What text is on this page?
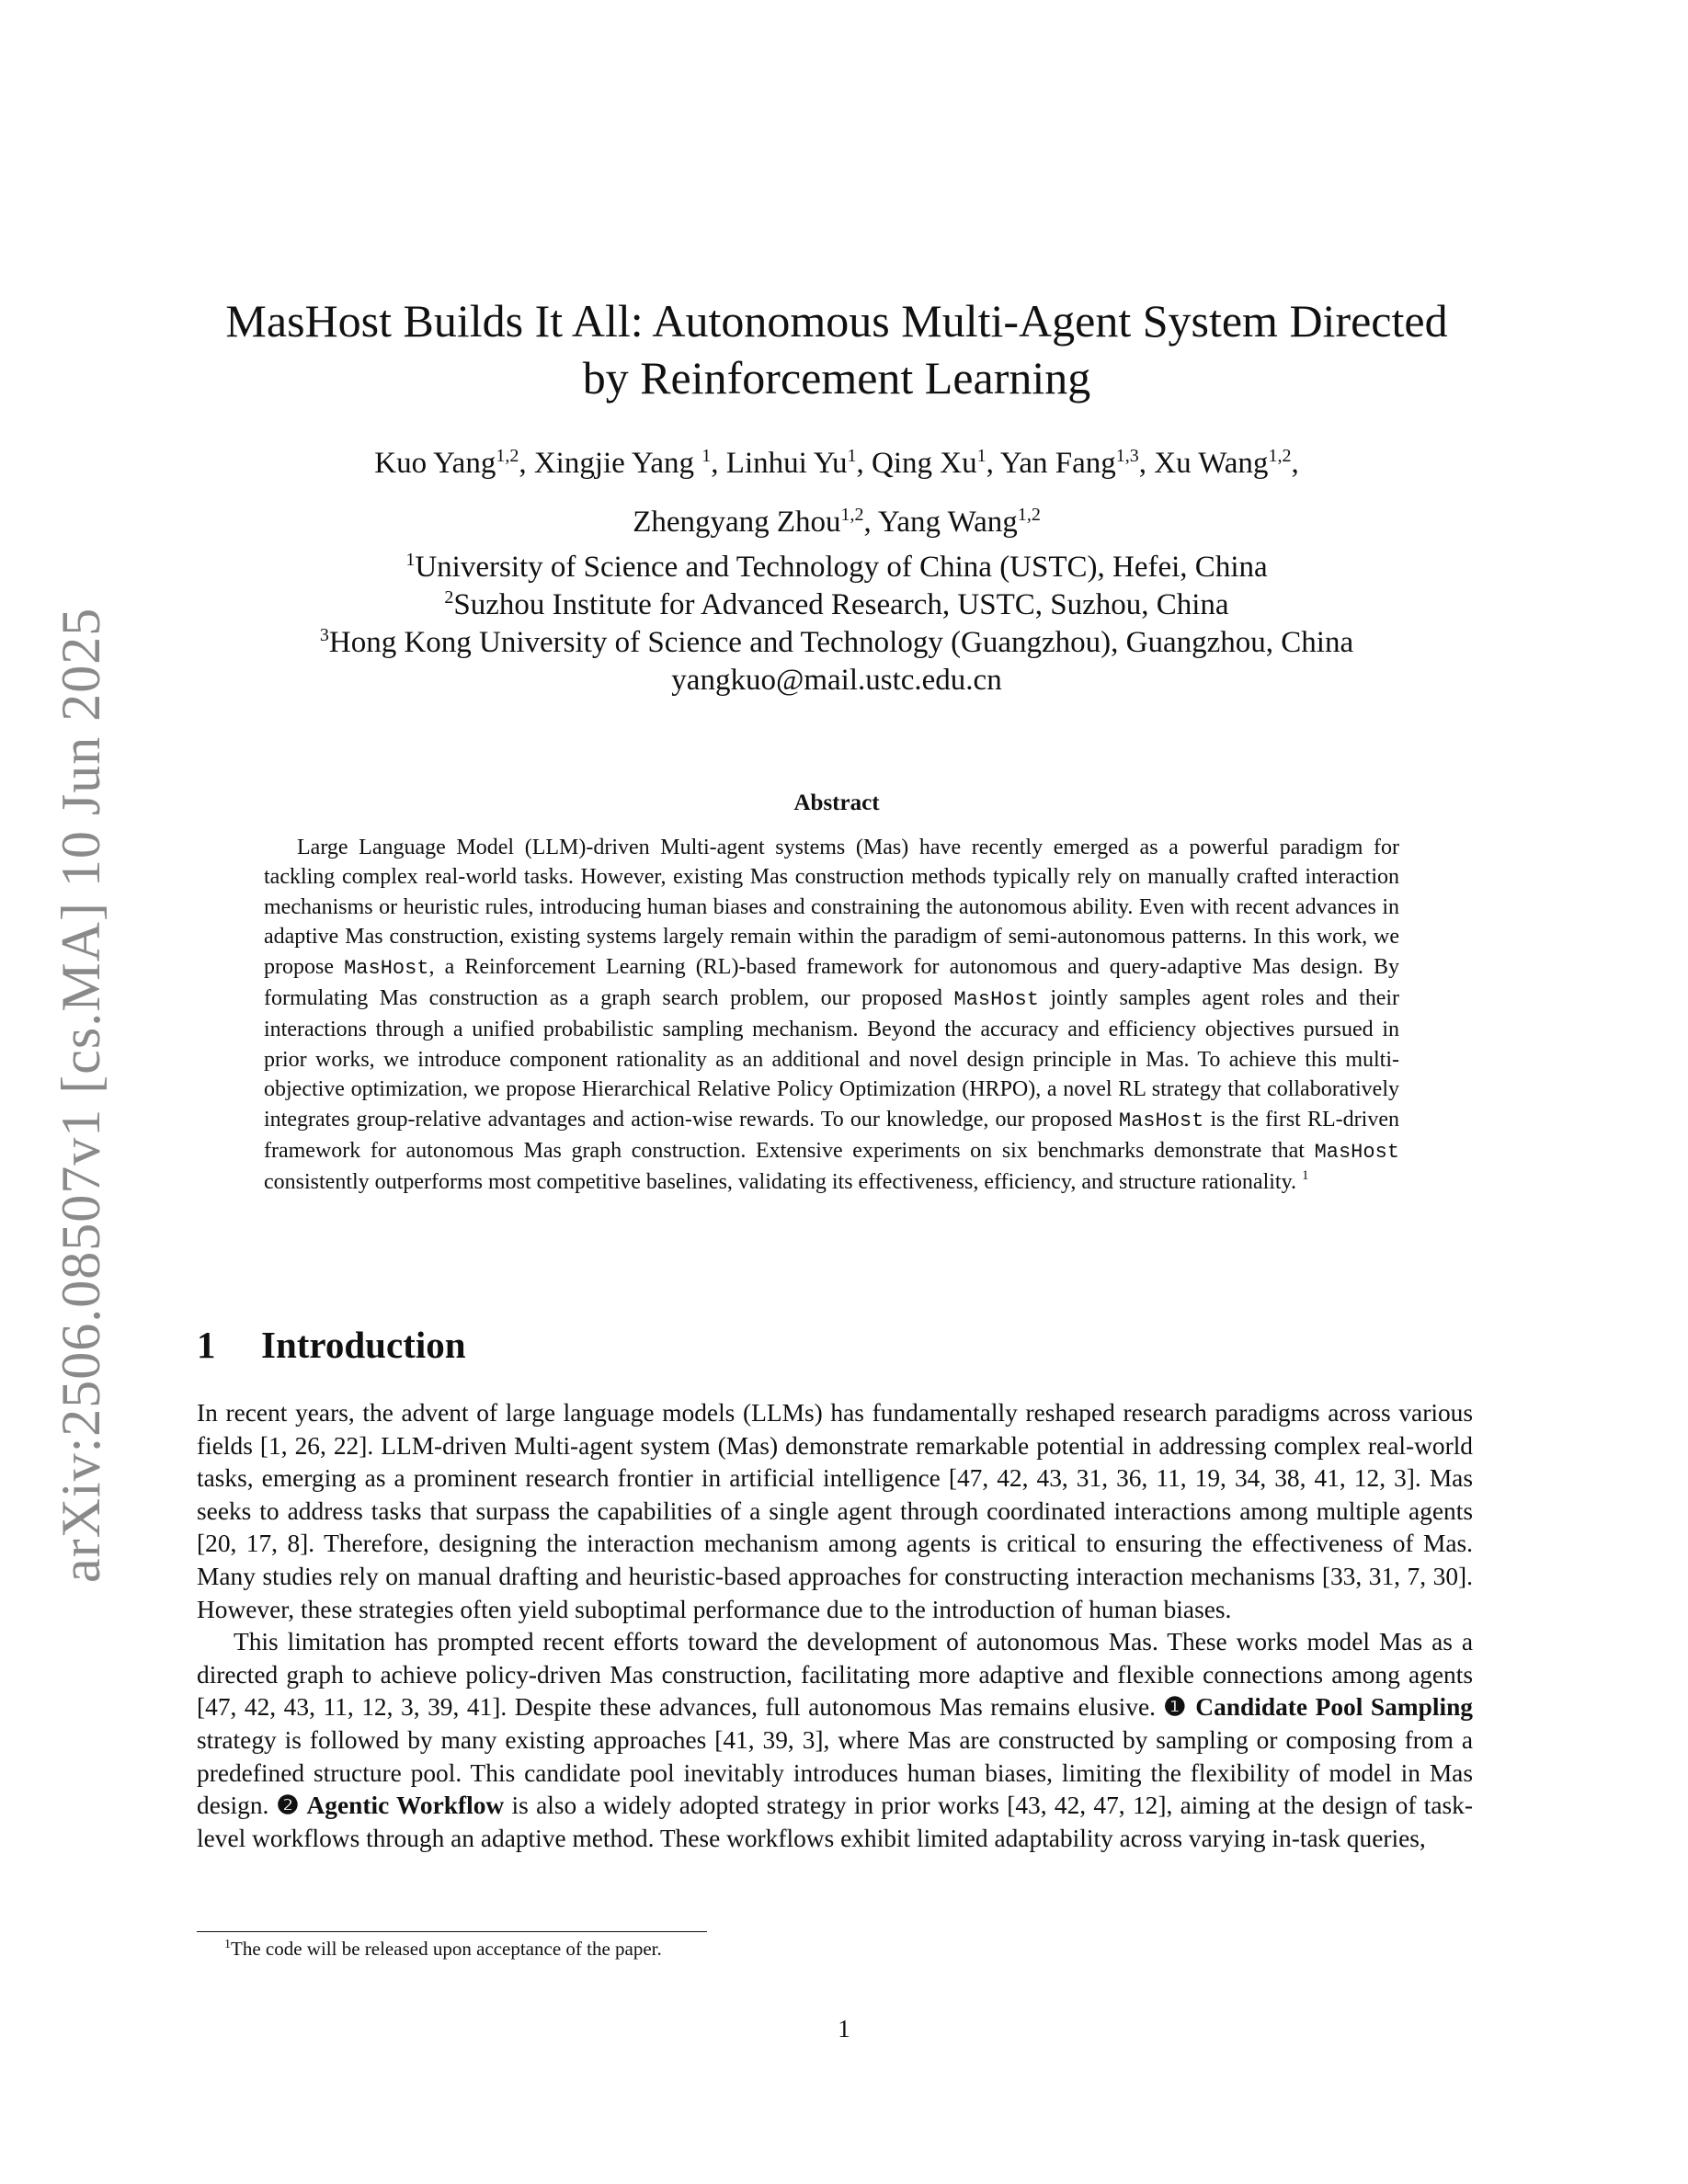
arXiv:2506.08507v1 [cs.MA] 10 Jun 2025
MasHost Builds It All: Autonomous Multi-Agent System Directed
by Reinforcement Learning
Kuo Yang$^{1,2}$, Xingjie Yang $^1$, Linhui Yu$^1$, Qing Xu$^1$, Yan Fang$^{1,3}$, Xu Wang$^{1,2}$,
Zhengyang Zhou$^{1,2}$, Yang Wang$^{1,2}$
$^1$University of Science and Technology of China (USTC), Hefei, China
$^2$Suzhou Institute for Advanced Research, USTC, Suzhou, China
$^3$Hong Kong University of Science and Technology (Guangzhou), Guangzhou, China
yangkuo@mail.ustc.edu.cn
Abstract

Large Language Model (LLM)-driven Multi-agent systems (Mas) have recently emerged as a powerful paradigm for tackling complex real-world tasks. However, existing Mas construction methods typically rely on manually crafted interaction mechanisms or heuristic rules, introducing human biases and constraining the autonomous ability. Even with recent advances in adaptive Mas construction, existing systems largely remain within the paradigm of semi-autonomous patterns. In this work, we propose MasHost, a Reinforcement Learning (RL)-based framework for autonomous and query-adaptive Mas design. By formulating Mas construction as a graph search problem, our proposed MasHost jointly samples agent roles and their interactions through a unified probabilistic sampling mechanism. Beyond the accuracy and efficiency objectives pursued in prior works, we introduce component rationality as an additional and novel design principle in Mas. To achieve this multi-objective optimization, we propose Hierarchical Relative Policy Optimization (HRPO), a novel RL strategy that collaboratively integrates group-relative advantages and action-wise rewards. To our knowledge, our proposed MasHost is the first RL-driven framework for autonomous Mas graph construction. Extensive experiments on six benchmarks demonstrate that MasHost consistently outperforms most competitive baselines, validating its effectiveness, efficiency, and structure rationality. $^1$

1 Introduction

In recent years, the advent of large language models (LLMs) has fundamentally reshaped research paradigms across various fields [1, 26, 22]. LLM-driven Multi-agent system (Mas) demonstrate remarkable potential in addressing complex real-world tasks, emerging as a prominent research frontier in artificial intelligence [47, 42, 43, 31, 36, 11, 19, 34, 38, 41, 12, 3]. Mas seeks to address tasks that surpass the capabilities of a single agent through coordinated interactions among multiple agents [20, 17, 8]. Therefore, designing the interaction mechanism among agents is critical to ensuring the effectiveness of Mas. Many studies rely on manual drafting and heuristic-based approaches for constructing interaction mechanisms [33, 31, 7, 30]. However, these strategies often yield suboptimal performance due to the introduction of human biases.

This limitation has prompted recent efforts toward the development of autonomous Mas. These works model Mas as a directed graph to achieve policy-driven Mas construction, facilitating more adaptive and flexible connections among agents [47, 42, 43, 11, 12, 3, 39, 41]. Despite these advances, full autonomous Mas remains elusive. ❶ Candidate Pool Sampling strategy is followed by many existing approaches [41, 39, 3], where Mas are constructed by sampling or composing from a predefined structure pool. This candidate pool inevitably introduces human biases, limiting the flexibility of model in Mas design. ❷ Agentic Workflow is also a widely adopted strategy in prior works [43, 42, 47, 12], aiming at the design of task-level workflows through an adaptive method. These workflows exhibit limited adaptability across varying in-task queries,

$^1$The code will be released upon acceptance of the paper.
1
